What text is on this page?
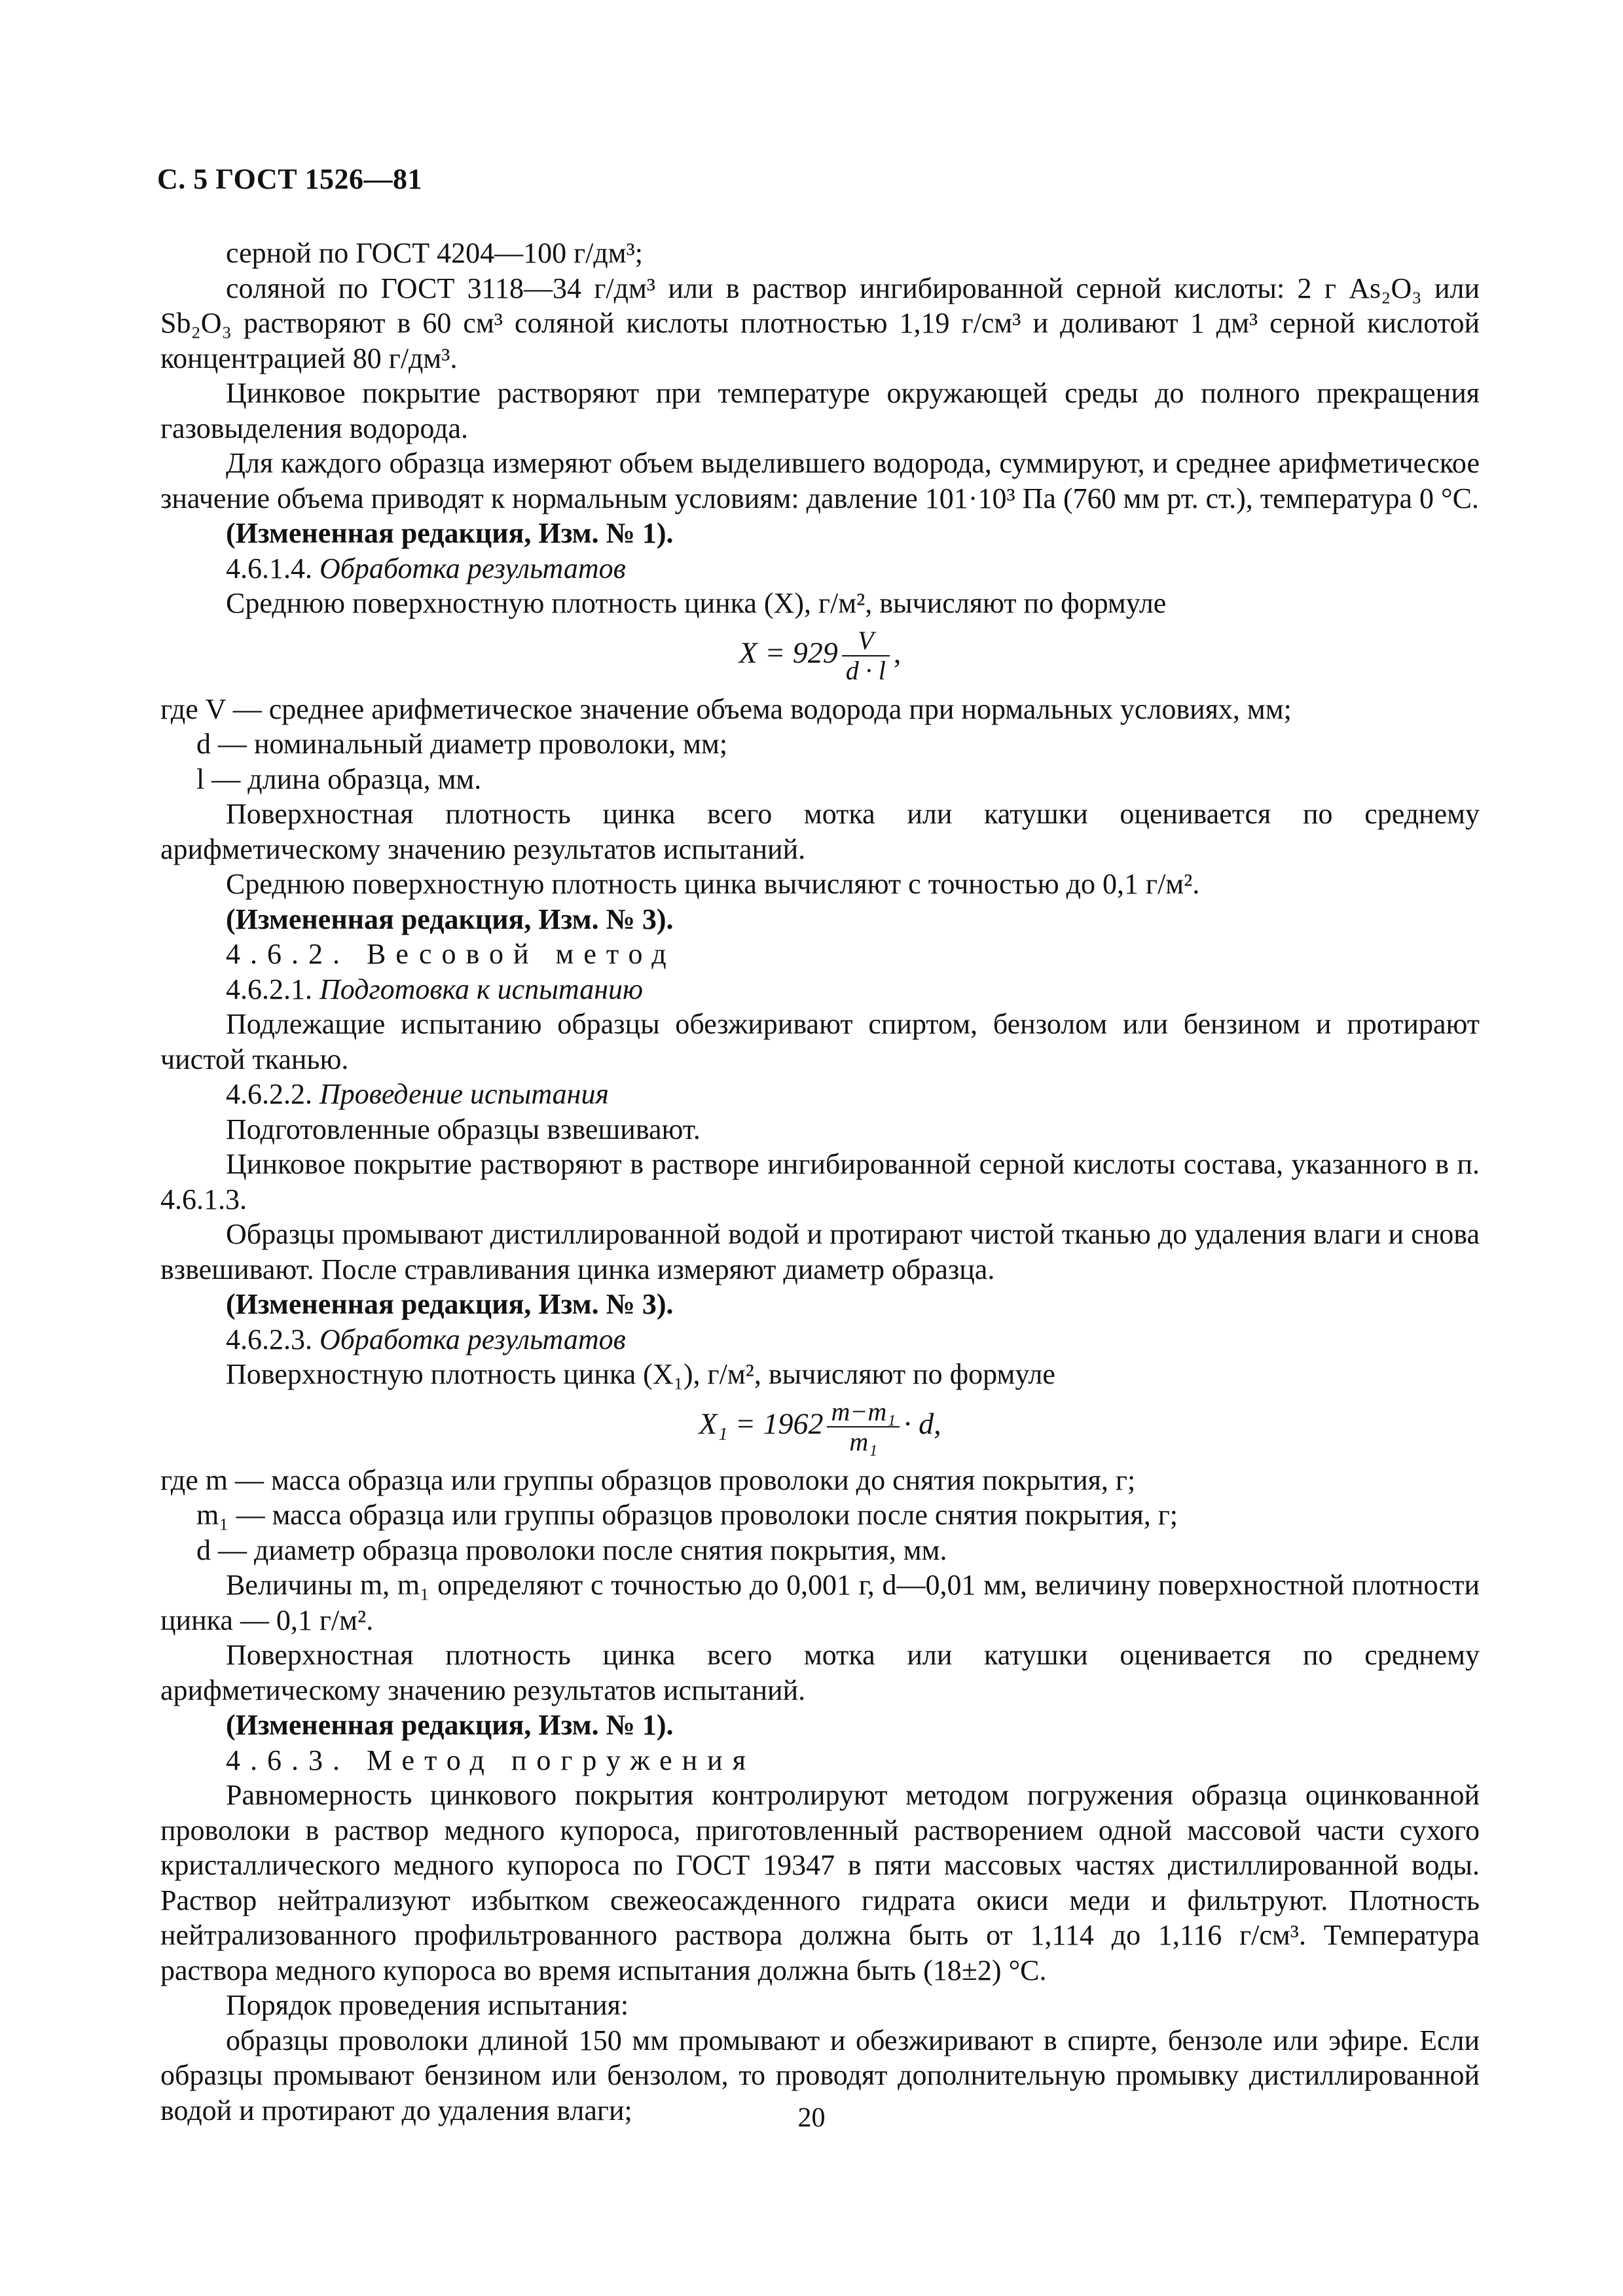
С. 5 ГОСТ 1526—81

серной по ГОСТ 4204—100 г/дм³;

соляной по ГОСТ 3118—34 г/дм³ или в раствор ингибированной серной кислоты: 2 г As₂O₃ или Sb₂O₃ растворяют в 60 см³ соляной кислоты плотностью 1,19 г/см³ и доливают 1 дм³ серной кислотой концентрацией 80 г/дм³.

Цинковое покрытие растворяют при температуре окружающей среды до полного прекращения газовыделения водорода.

Для каждого образца измеряют объем выделившего водорода, суммируют, и среднее арифметическое значение объема приводят к нормальным условиям: давление 101·10³ Па (760 мм рт. ст.), температура 0 °С.

(Измененная редакция, Изм. № 1).

4.6.1.4. Обработка результатов

Среднюю поверхностную плотность цинка (X), г/м², вычисляют по формуле

$X = 929 \frac{V}{d \cdot l}$ ,

где V — среднее арифметическое значение объема водорода при нормальных условиях, мм;

d — номинальный диаметр проволоки, мм;

l — длина образца, мм.

Поверхностная плотность цинка всего мотка или катушки оценивается по среднему арифметическому значению результатов испытаний.

Среднюю поверхностную плотность цинка вычисляют с точностью до 0,1 г/м².

(Измененная редакция, Изм. № 3).

4.6.2. Весовой метод

4.6.2.1. Подготовка к испытанию

Подлежащие испытанию образцы обезжиривают спиртом, бензолом или бензином и протирают чистой тканью.

4.6.2.2. Проведение испытания

Подготовленные образцы взвешивают.

Цинковое покрытие растворяют в растворе ингибированной серной кислоты состава, указанного в п. 4.6.1.3.

Образцы промывают дистиллированной водой и протирают чистой тканью до удаления влаги и снова взвешивают. После стравливания цинка измеряют диаметр образца.

(Измененная редакция, Изм. № 3).

4.6.2.3. Обработка результатов

Поверхностную плотность цинка (X₁), г/м², вычисляют по формуле

$X_1 = 1962 \frac{\text{m−m₁}}{\text{m₁}} \cdot d$,

где m — масса образца или группы образцов проволоки до снятия покрытия, г;

m₁ — масса образца или группы образцов проволоки после снятия покрытия, г;

d — диаметр образца проволоки после снятия покрытия, мм.

Величины m, m₁ определяют с точностью до 0,001 г, d—0,01 мм, величину поверхностной плотности цинка — 0,1 г/м².

Поверхностная плотность цинка всего мотка или катушки оценивается по среднему арифметическому значению результатов испытаний.

(Измененная редакция, Изм. № 1).

4.6.3. Метод погружения

Равномерность цинкового покрытия контролируют методом погружения образца оцинкованной проволоки в раствор медного купороса, приготовленный растворением одной массовой части сухого кристаллического медного купороса по ГОСТ 19347 в пяти массовых частях дистиллированной воды. Раствор нейтрализуют избытком свежеосажденного гидрата окиси меди и фильтруют. Плотность нейтрализованного профильтрованного раствора должна быть от 1,114 до 1,116 г/см³. Температура раствора медного купороса во время испытания должна быть (18±2) °С.

Порядок проведения испытания:

образцы проволоки длиной 150 мм промывают и обезжиривают в спирте, бензоле или эфире. Если образцы промывают бензином или бензолом, то проводят дополнительную промывку дистиллированной водой и протирают до удаления влаги;	20
